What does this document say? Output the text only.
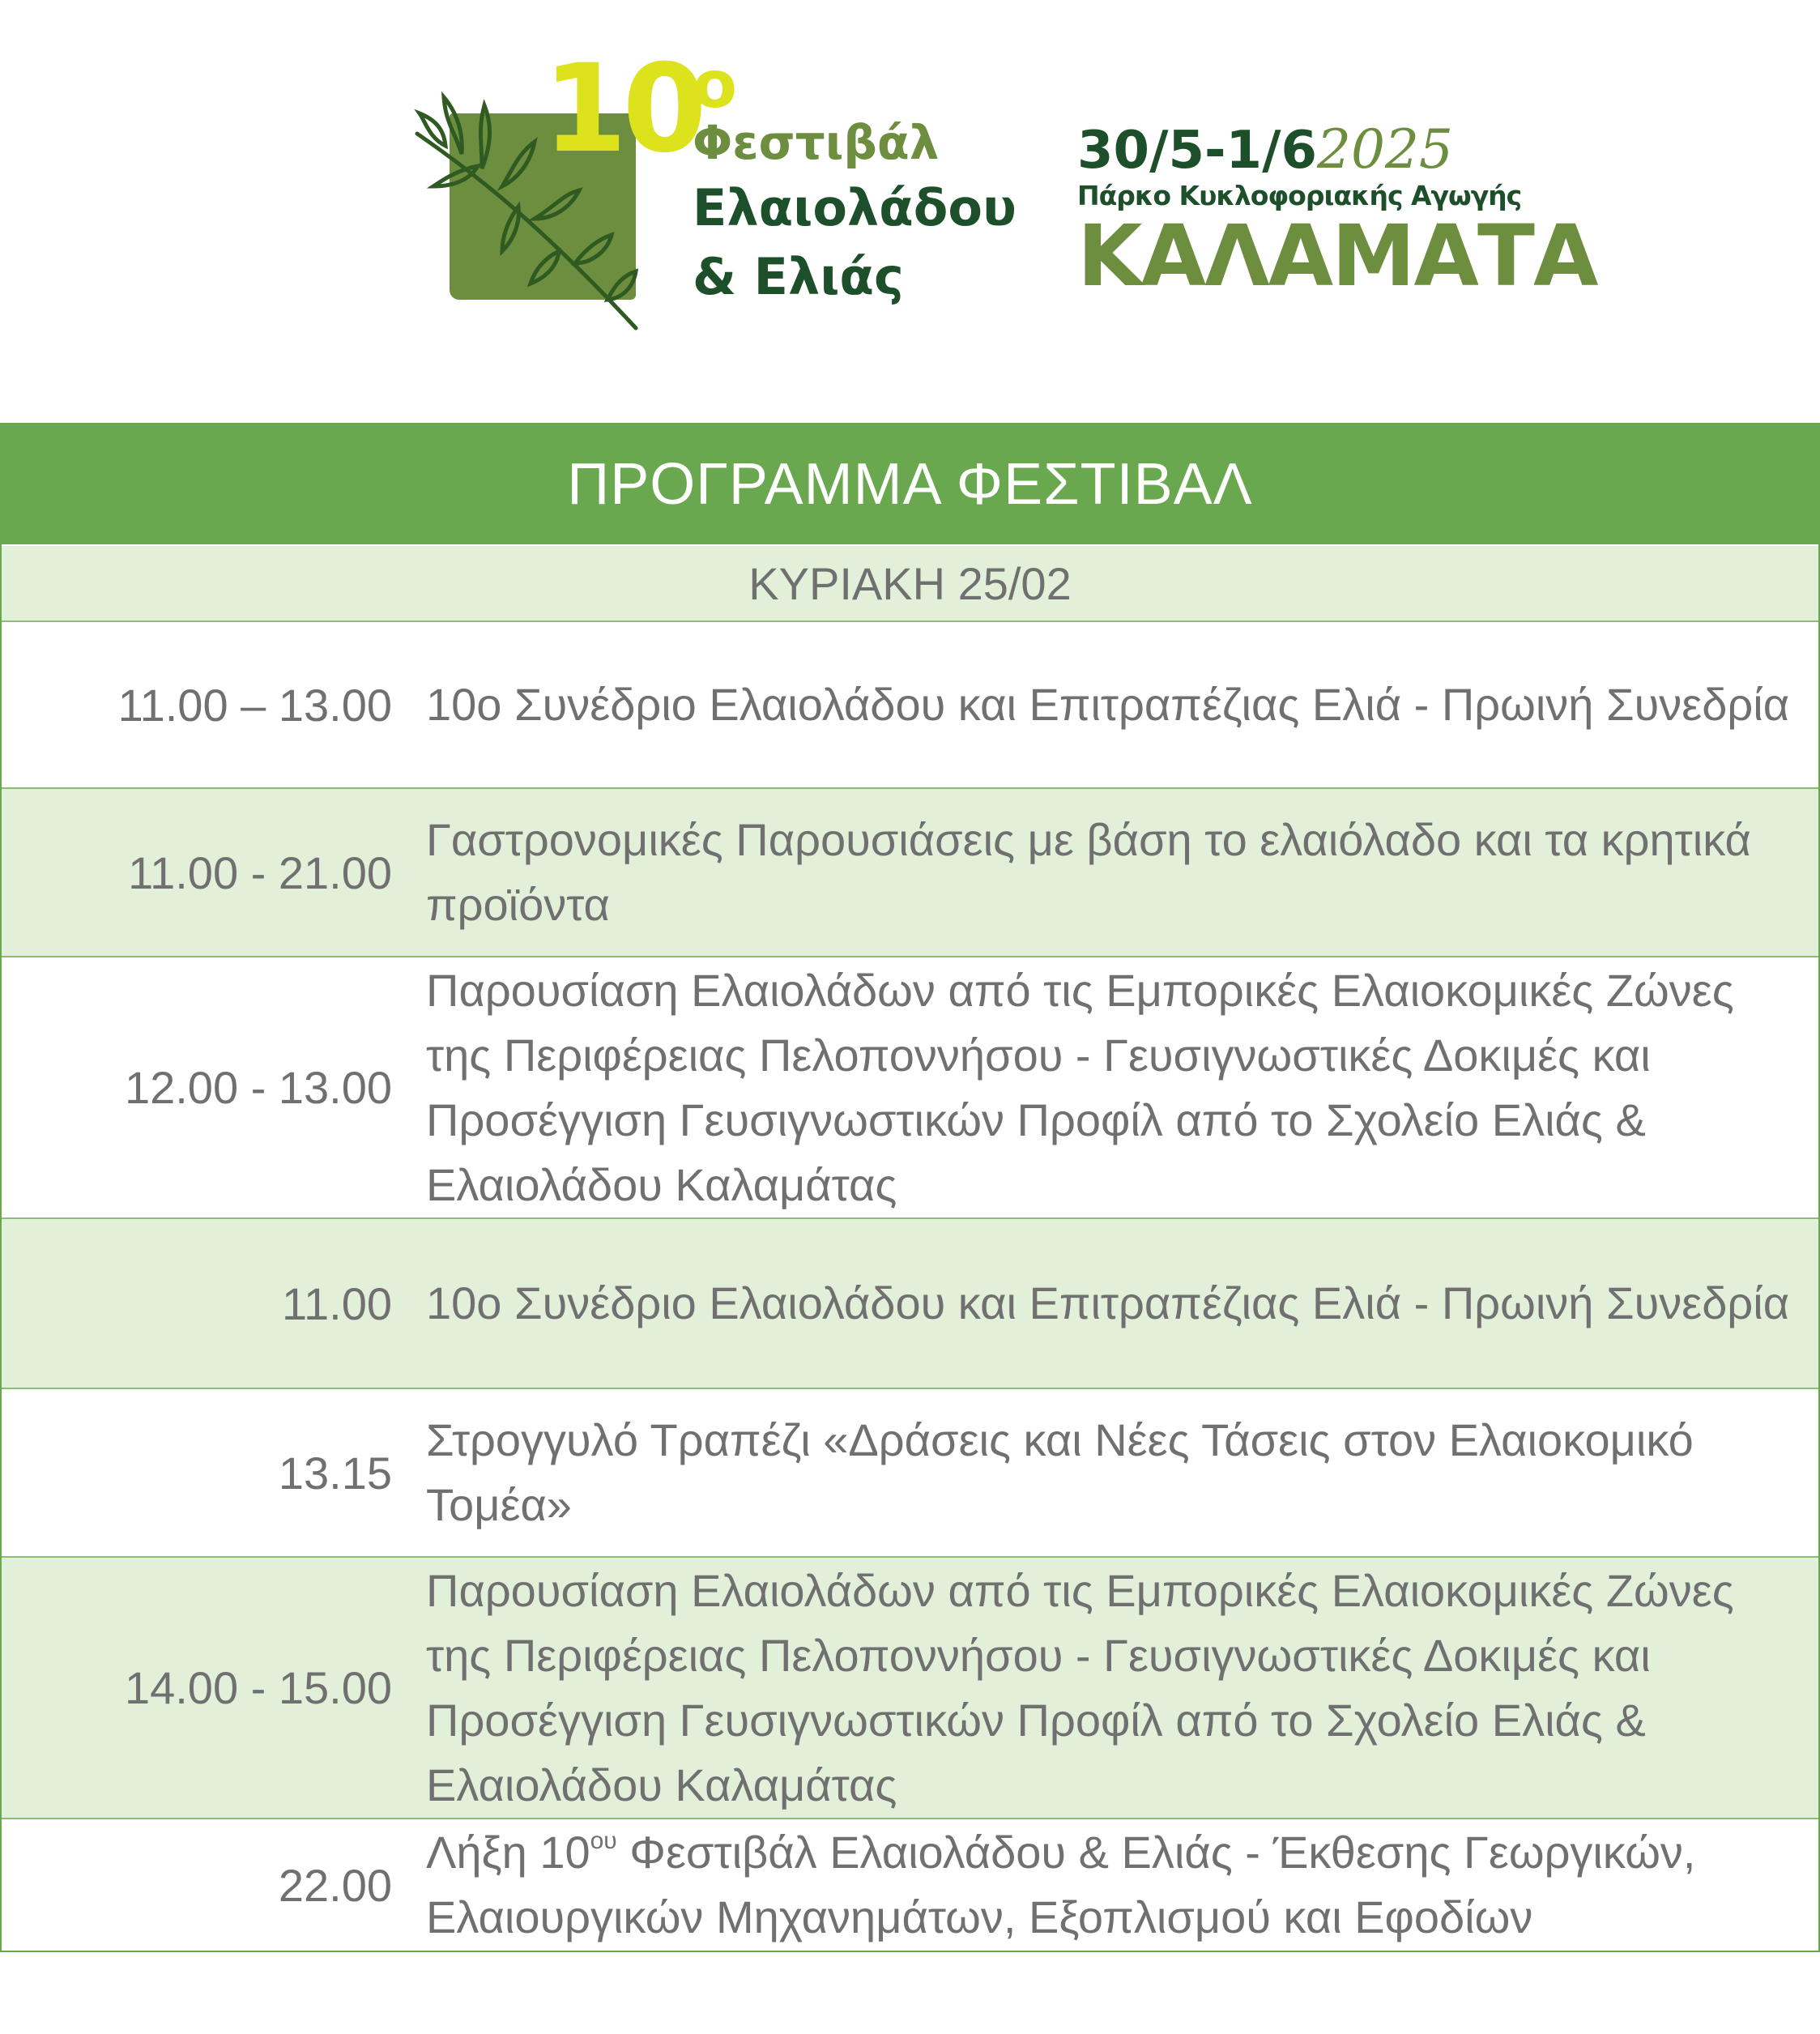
10
ο
Φεστιβάλ
Ελαιολάδου
& Ελιάς
30/5-1/62025
Πάρκο Κυκλοφοριακής Αγωγής
ΚΑΛΑΜΑΤΑ
ΠΡΟΓΡΑΜΜΑ ΦΕΣΤΙΒΑΛ
ΚΥΡΙΑΚΗ 25/02
11.00 – 13.00 10ο Συνέδριο Ελαιολάδου και Επιτραπέζιας Ελιά - Πρωινή Συνεδρία
11.00 - 21.00
Γαστρονομικές Παρουσιάσεις με βάση το ελαιόλαδο και τα κρητικά προϊόντα
12.00 - 13.00
Παρουσίαση Ελαιολάδων από τις Εμπορικές Ελαιοκομικές Ζώνες της Περιφέρειας Πελοποννήσου - Γευσιγνωστικές Δοκιμές και Προσέγγιση Γευσιγνωστικών Προφίλ από το Σχολείο Ελιάς & Ελαιολάδου Καλαμάτας
11.00 10ο Συνέδριο Ελαιολάδου και Επιτραπέζιας Ελιά - Πρωινή Συνεδρία
13.15
Στρογγυλό Τραπέζι «Δράσεις και Νέες Τάσεις στον Ελαιοκομικό Τομέα»
14.00 - 15.00
Παρουσίαση Ελαιολάδων από τις Εμπορικές Ελαιοκομικές Ζώνες της Περιφέρειας Πελοποννήσου - Γευσιγνωστικές Δοκιμές και Προσέγγιση Γευσιγνωστικών Προφίλ από το Σχολείο Ελιάς & Ελαιολάδου Καλαμάτας
22.00
Λήξη $10^{o\upsilon}$ Φεστιβάλ Ελαιολάδου & Ελιάς - Έκθεσης Γεωργικών, Ελαιουργικών Μηχανημάτων, Εξοπλισμού και Εφοδίων
